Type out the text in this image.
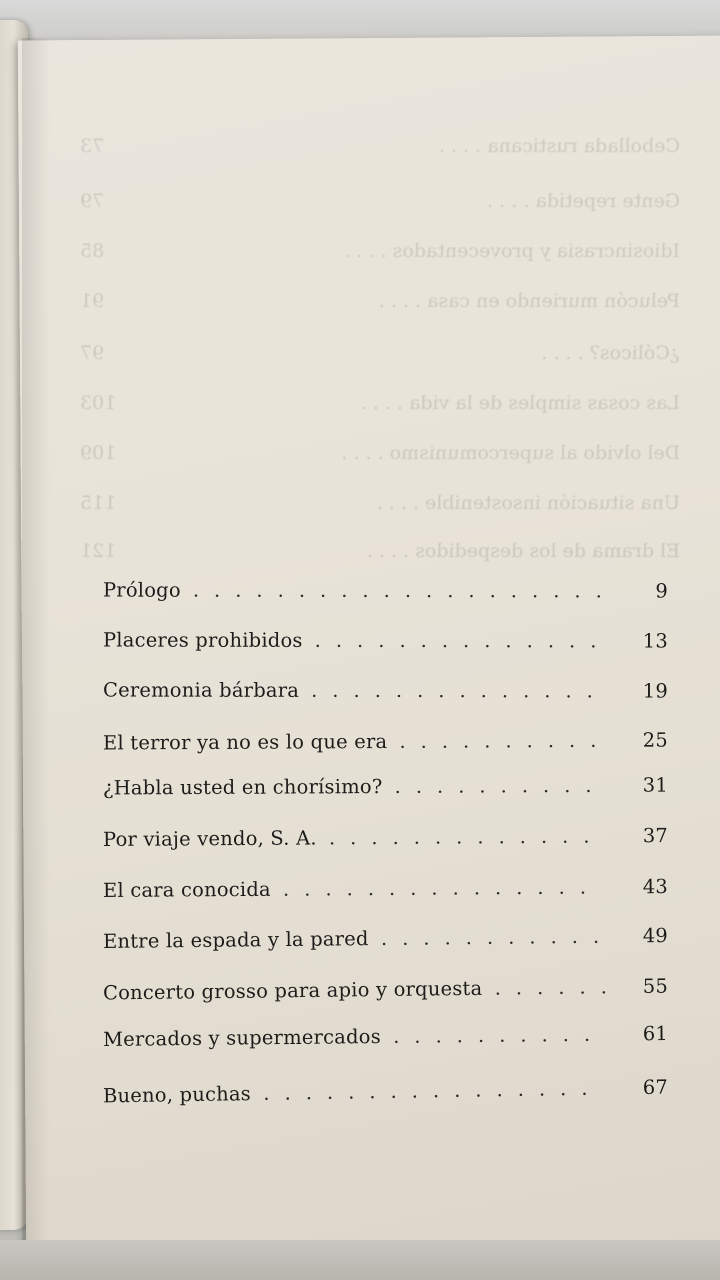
Prólogo ....................	9
Placeres prohibidos ..............	13
Ceremonia bárbara ..............	19
El terror ya no es lo que era ..........	25
¿Habla usted en chorísimo? ..........	31
Por viaje vendo, S. A. .............	37
El cara conocida ...............	43
Entre la espada y la pared ...........	49
Concerto grosso para apio y orquesta ......	55
Mercados y supermercados ..........	61
Bueno, puchas ................	67
